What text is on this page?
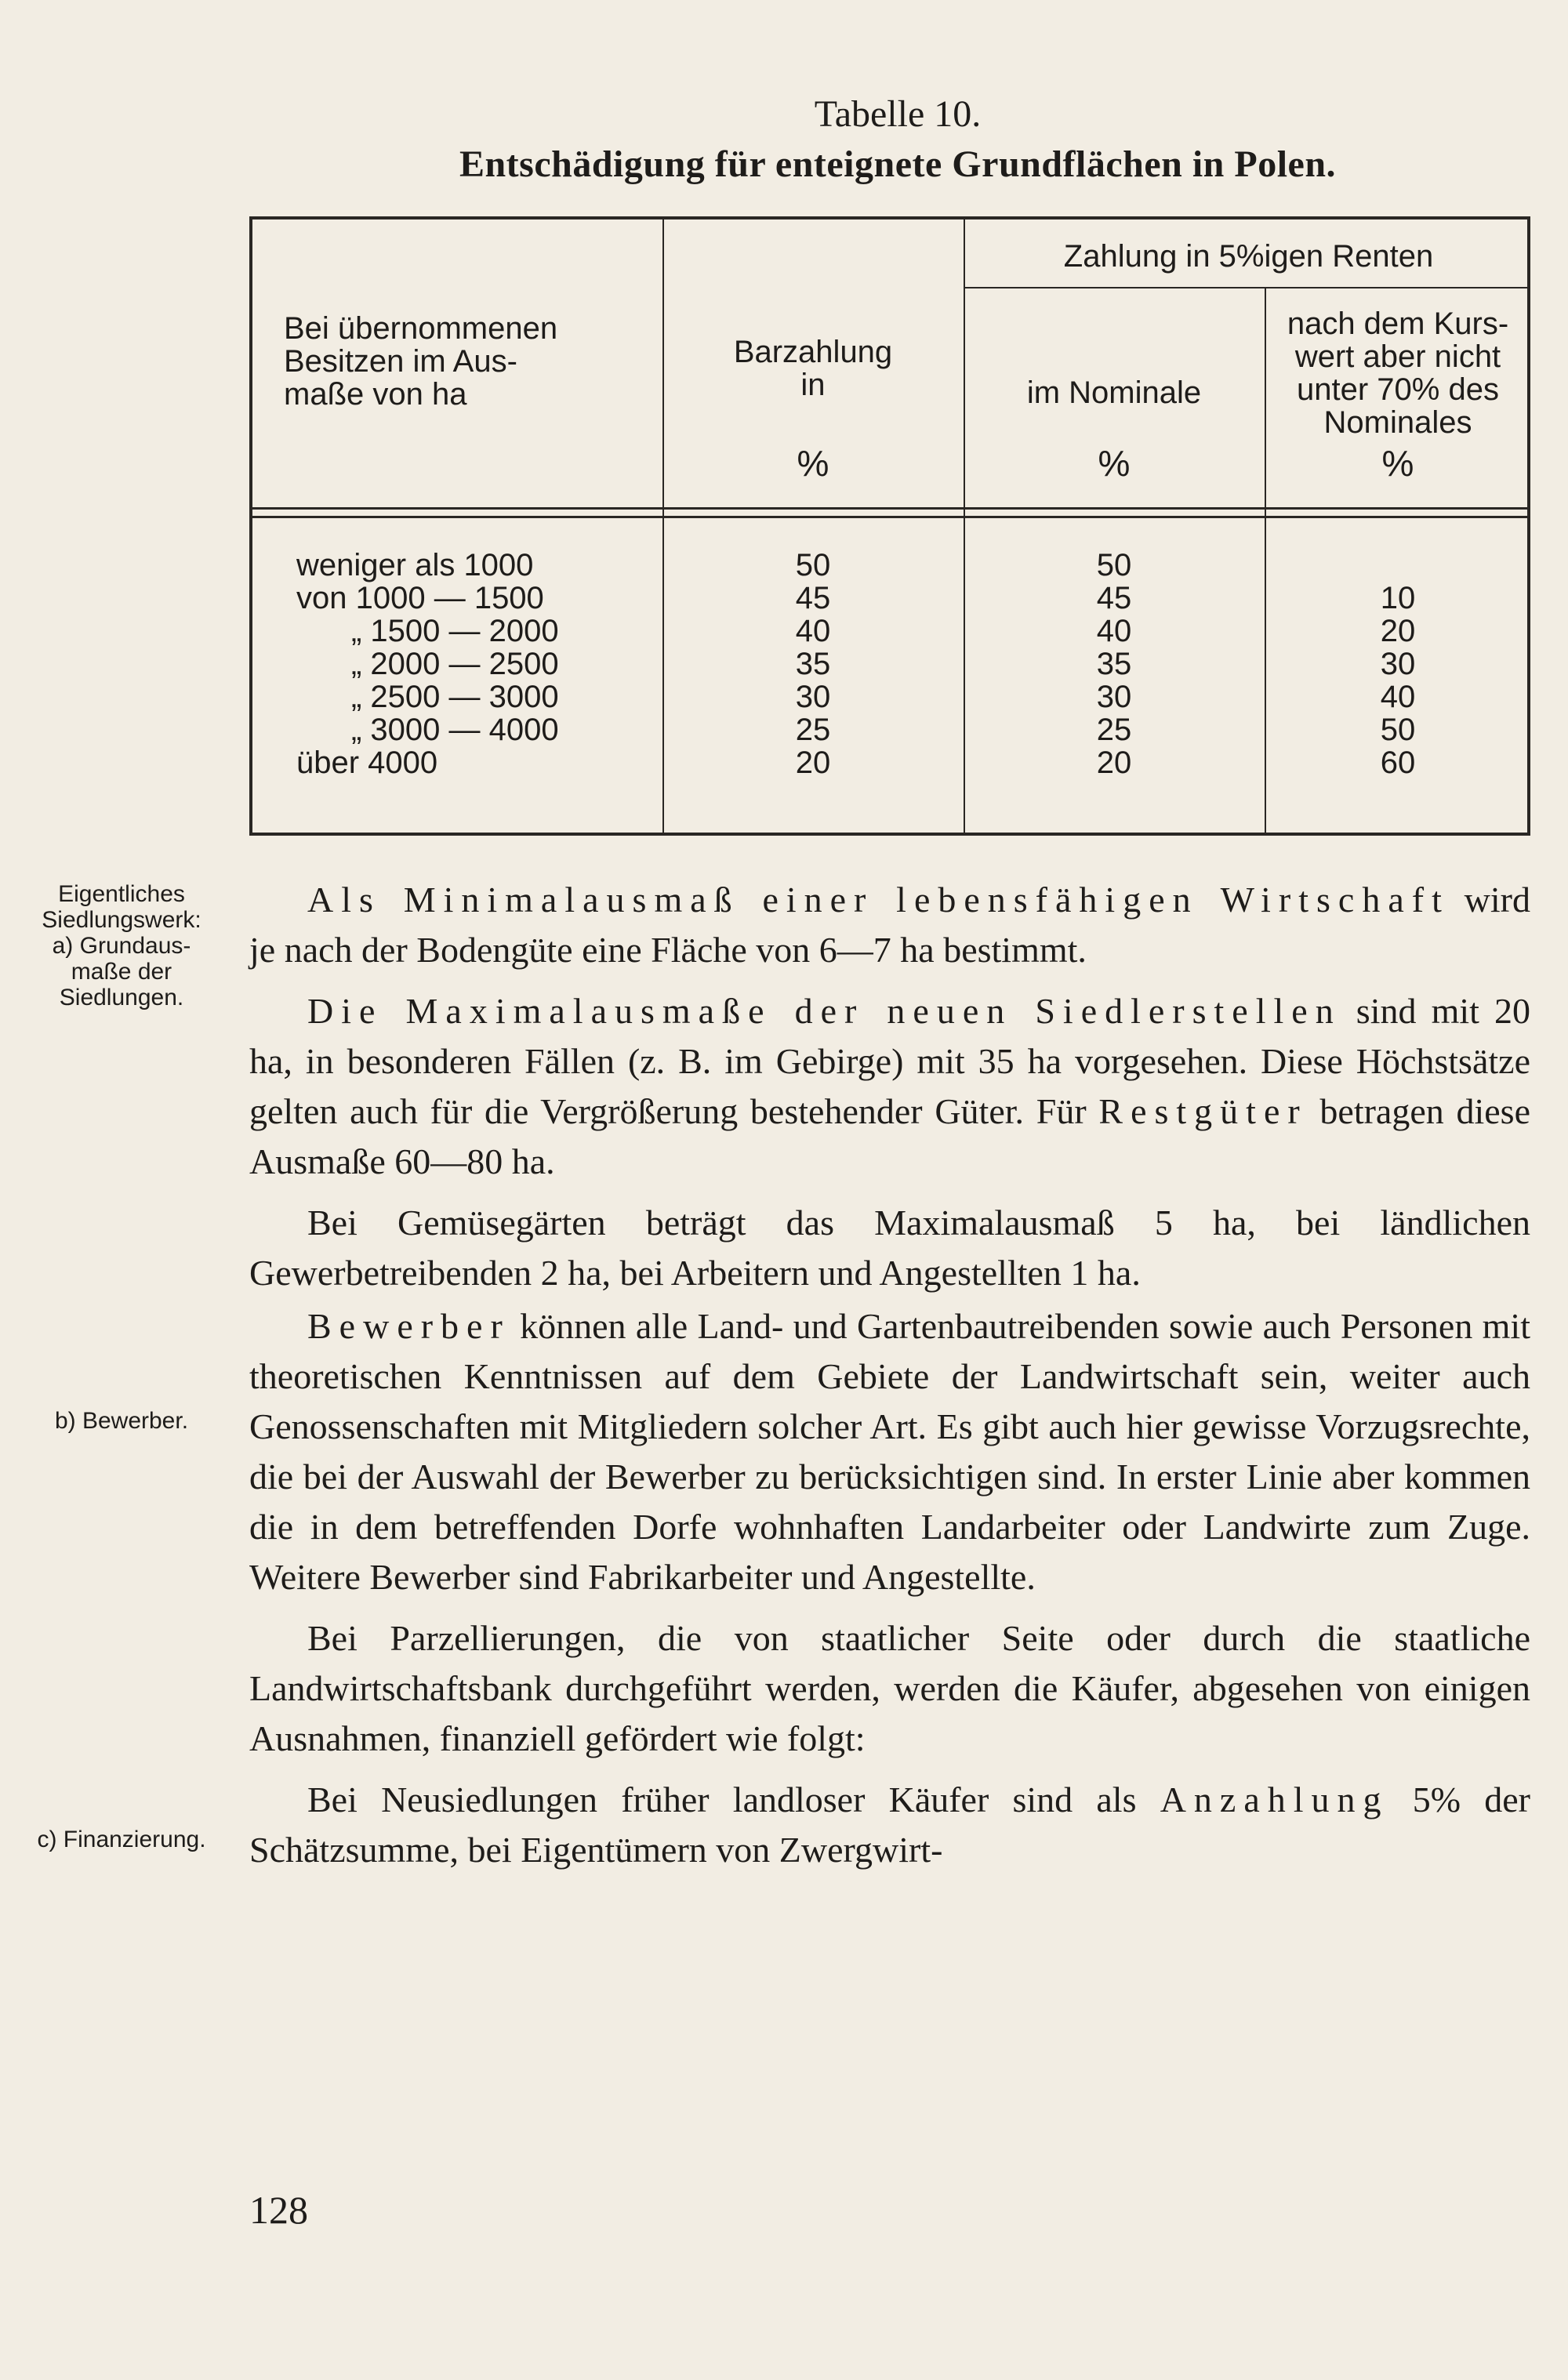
Tabelle 10.
Entschädigung für enteignete Grundflächen in Polen.
Bei übernommenen
Besitzen im Aus-
maße von ha
Barzahlung
in
Zahlung in 5%igen Renten
im Nominale
nach dem Kurs-
wert aber nicht
unter 70% des
Nominales
%	%	%
weniger als 1000	50	50
von 1000 — 1500	45	45	10
„ 1500 — 2000	40	40	20
„ 2000 — 2500	35	35	30
„ 2500 — 3000	30	30	40
„ 3000 — 4000	25	25	50
über 4000	20	20	60
Eigentliches
Siedlungswerk:
a) Grundaus-
maße der
Siedlungen.
b) Bewerber.
c) Finanzierung.

Als Minimalausmaß einer lebensfähigen Wirtschaft wird je nach der Bodengüte eine Fläche von 6—7 ha bestimmt.

Die Maximalausmaße der neuen Siedlerstellen sind mit 20 ha, in besonderen Fällen (z. B. im Gebirge) mit 35 ha vorgesehen. Diese Höchstsätze gelten auch für die Vergrößerung bestehender Güter. Für Restgüter betragen diese Ausmaße 60—80 ha.

Bei Gemüsegärten beträgt das Maximalausmaß 5 ha, bei ländlichen Gewerbetreibenden 2 ha, bei Arbeitern und Angestellten 1 ha.

Bewerber können alle Land- und Gartenbautreibenden sowie auch Personen mit theoretischen Kenntnissen auf dem Gebiete der Landwirtschaft sein, weiter auch Genossenschaften mit Mitgliedern solcher Art. Es gibt auch hier gewisse Vorzugsrechte, die bei der Auswahl der Bewerber zu berücksichtigen sind. In erster Linie aber kommen die in dem betreffenden Dorfe wohnhaften Landarbeiter oder Landwirte zum Zuge. Weitere Bewerber sind Fabrikarbeiter und Angestellte.

Bei Parzellierungen, die von staatlicher Seite oder durch die staatliche Landwirtschaftsbank durchgeführt werden, werden die Käufer, abgesehen von einigen Ausnahmen, finanziell gefördert wie folgt:

Bei Neusiedlungen früher landloser Käufer sind als Anzahlung 5% der Schätzsumme, bei Eigentümern von Zwergwirt-

128
